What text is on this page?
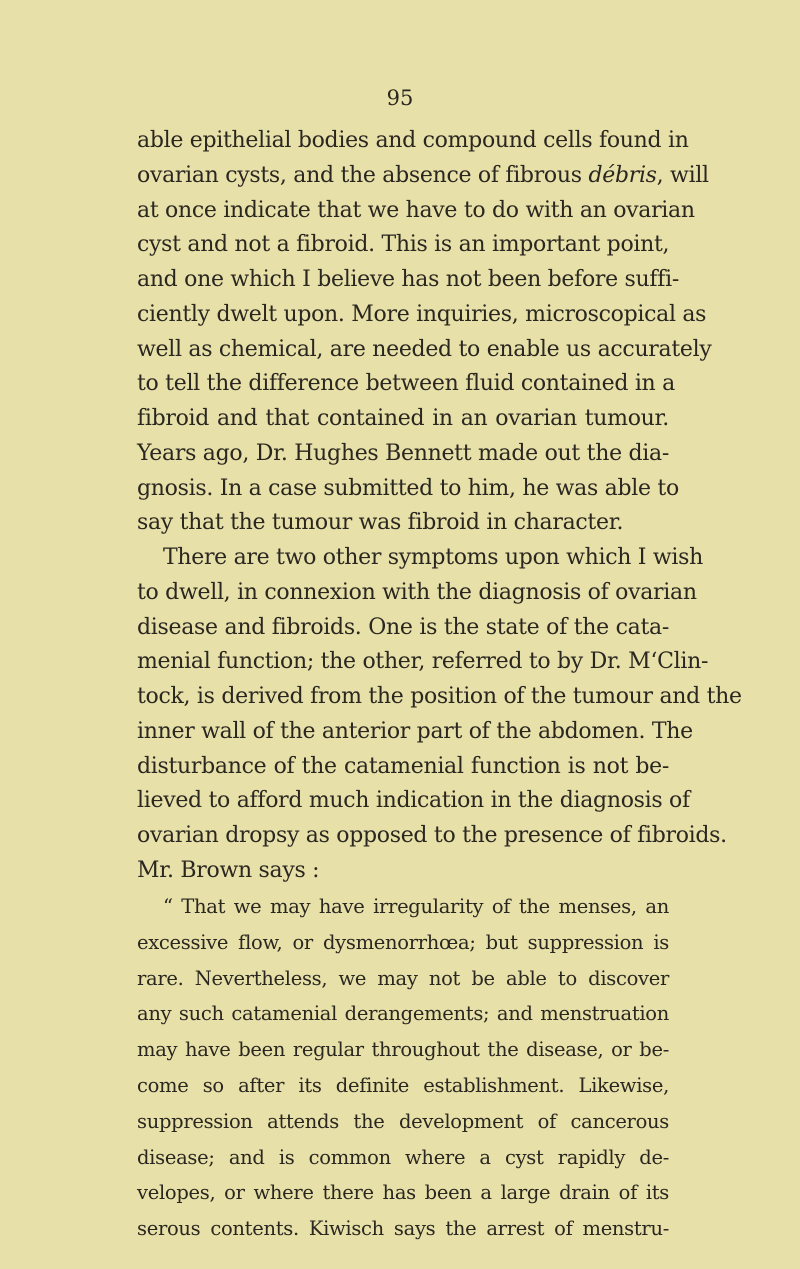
95
able epithelial bodies and compound cells found in
ovarian cysts, and the absence of fibrous débris, will
at once indicate that we have to do with an ovarian
cyst and not a fibroid. This is an important point,
and one which I believe has not been before suffi-
ciently dwelt upon. More inquiries, microscopical as
well as chemical, are needed to enable us accurately
to tell the difference between fluid contained in a
fibroid and that contained in an ovarian tumour.
Years ago, Dr. Hughes Bennett made out the dia-
gnosis. In a case submitted to him, he was able to
say that the tumour was fibroid in character.
There are two other symptoms upon which I wish
to dwell, in connexion with the diagnosis of ovarian
disease and fibroids. One is the state of the cata-
menial function; the other, referred to by Dr. M‘Clin-
tock, is derived from the position of the tumour and the
inner wall of the anterior part of the abdomen. The
disturbance of the catamenial function is not be-
lieved to afford much indication in the diagnosis of
ovarian dropsy as opposed to the presence of fibroids.
Mr. Brown says :
“ That we may have irregularity of the menses, an
excessive flow, or dysmenorrhœa; but suppression is
rare. Nevertheless, we may not be able to discover
any such catamenial derangements; and menstruation
may have been regular throughout the disease, or be-
come so after its definite establishment. Likewise,
suppression attends the development of cancerous
disease; and is common where a cyst rapidly de-
velopes, or where there has been a large drain of its
serous contents. Kiwisch says the arrest of menstru-
